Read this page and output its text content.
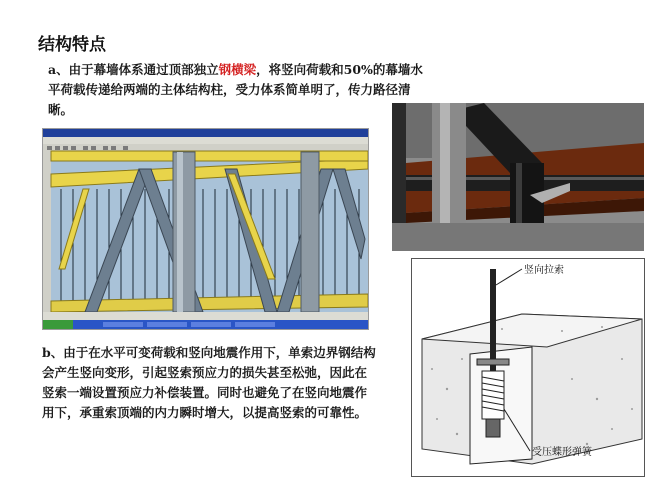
结构特点
a、由于幕墙体系通过顶部独立钢横梁，将竖向荷载和50%的幕墙水平荷载传递给两端的主体结构柱，受力体系简单明了，传力路径清晰。
竖向拉索
受压蝶形弹簧
b、由于在水平可变荷载和竖向地震作用下，单索边界钢结构会产生竖向变形，引起竖索预应力的损失甚至松弛，因此在竖索一端设置预应力补偿装置。同时也避免了在竖向地震作用下，承重索顶端的内力瞬时增大，以提高竖索的可靠性。
